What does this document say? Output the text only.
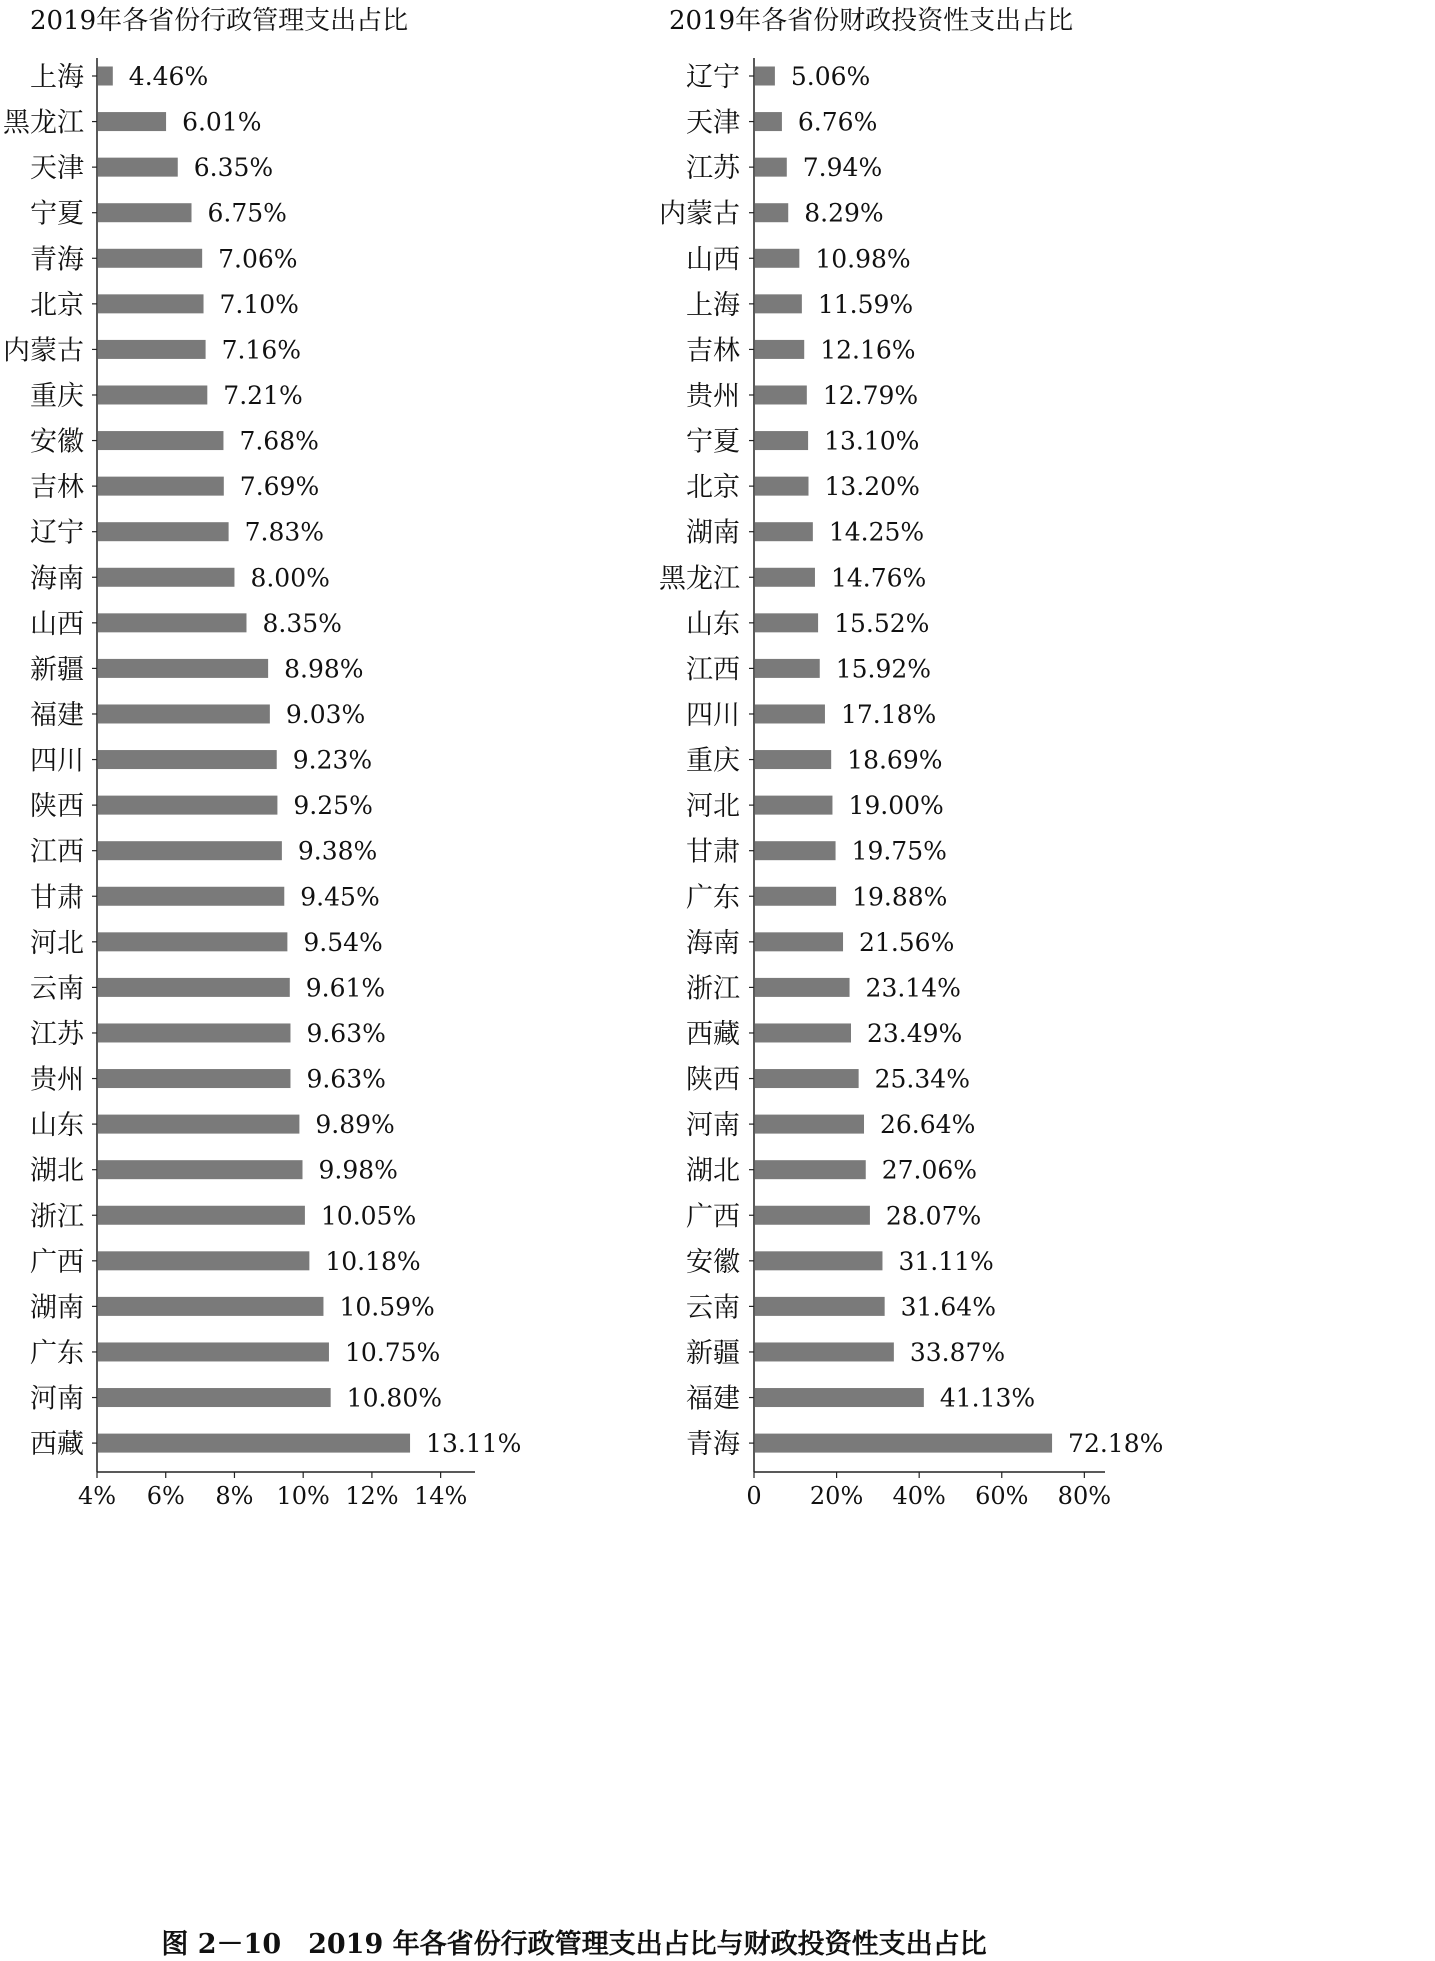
2019年各省份行政管理支出占比	2019年各省份财政投资性支出占比
上海 4.46%
黑龙江	6.01%
天津	6.35%
宁夏	6.75%
青海	7.06%
北京	7.10%
内蒙古	7.16%
重庆	7.21%
安徽	7.68%
吉林	7.69%
辽宁	7.83%
海南	8.00%
山西	8.35%
新疆	8.98%
福建	9.03%
四川	9.23%
陕西	9.25%
江西	9.38%
甘肃	9.45%
河北	9.54%
云南	9.61%
江苏	9.63%
贵州	9.63%
山东	9.89%
湖北	9.98%
浙江	10.05%
广西	10.18%
湖南	10.59%
广东	10.75%
河南	10.80%
西藏	13.11%
4% 6% 8% 10% 12% 14%
辽宁 5.06%
天津 6.76%
江苏	7.94%
内蒙古	8.29%
山西	10.98%
上海	11.59%
吉林	12.16%
贵州	12.79%
宁夏	13.10%
北京	13.20%
湖南	14.25%
黑龙江	14.76%
山东	15.52%
江西	15.92%
四川	17.18%
重庆	18.69%
河北	19.00%
甘肃	19.75%
广东	19.88%
海南	21.56%
浙江	23.14%
西藏	23.49%
陕西	25.34%
河南	26.64%
湖北	27.06%
广西	28.07%
安徽	31.11%
云南	31.64%
新疆	33.87%
福建	41.13%
青海	72.18%
0 20% 40% 60% 80%
图 2－10　2019 年各省份行政管理支出占比与财政投资性支出占比
